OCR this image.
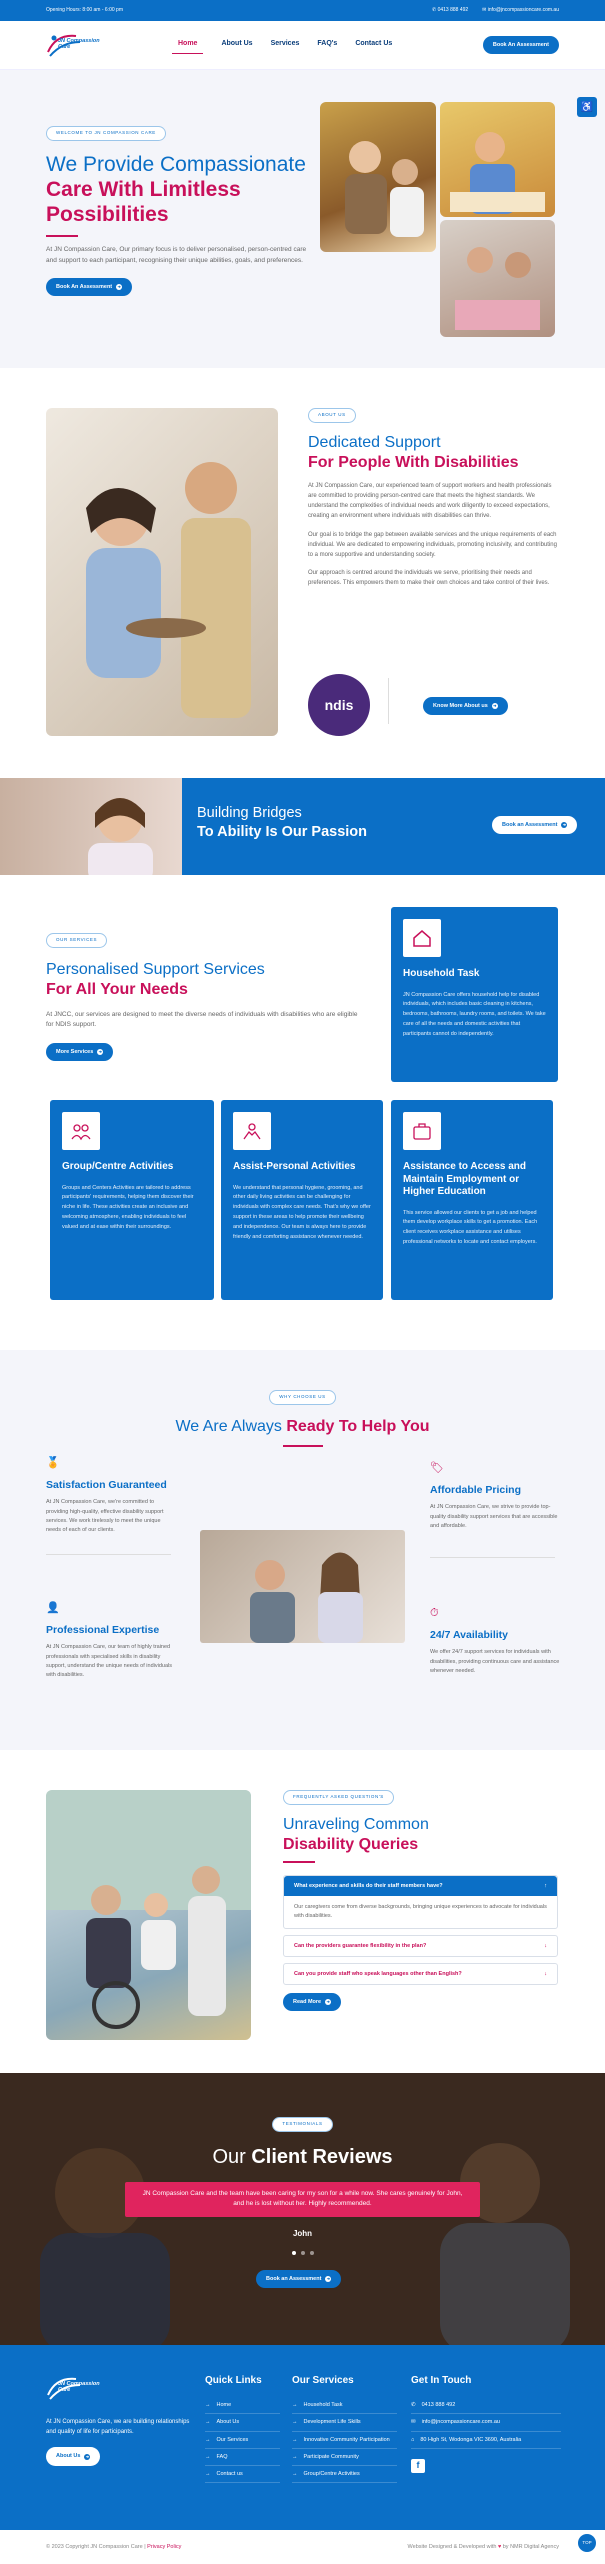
Opening Hours: 8:00 am - 6:00 pm	✆ 0413 888 492	✉ info@jncompassioncare.com.au
JN Compassion
Care	Home	About Us	Services	FAQ's	Contact Us	Book An Assessment
WELCOME TO JN COMPASSION CARE
We Provide Compassionate
Care With Limitless Possibilities

At JN Compassion Care, Our primary focus is to deliver personalised, person-centred care and support to each participant, recognising their unique abilities, goals, and preferences.

Book An Assessment	➜
ABOUT US
Dedicated Support
For People With Disabilities

At JN Compassion Care, our experienced team of support workers and health professionals are committed to providing person-centred care that meets the highest standards. We understand the complexities of individual needs and work diligently to exceed expectations, creating an environment where individuals with disabilities can thrive.

Our goal is to bridge the gap between available services and the unique requirements of each individual. We are dedicated to empowering individuals, promoting inclusivity, and contributing to a more supportive and understanding society.

Our approach is centred around the individuals we serve, prioritising their needs and preferences. This empowers them to make their own choices and take control of their lives.

ndis	Know More About us	➜
Building Bridges
To Ability Is Our Passion	Book an Assessment	➜
OUR SERVICES
Personalised Support Services
For All Your Needs

At JNCC, our services are designed to meet the diverse needs of individuals with disabilities who are eligible for NDIS support.

More Services	➜
Household Task

JN Compassion Care offers household help for disabled individuals, which includes basic cleaning in kitchens, bedrooms, bathrooms, laundry rooms, and toilets. We take care of all the needs and domestic activities that participants cannot do independently.

Group/Centre Activities

Groups and Centers Activities are tailored to address participants' requirements, helping them discover their niche in life. These activities create an inclusive and welcoming atmosphere, enabling individuals to feel valued and at ease within their surroundings.

Assist-Personal Activities

We understand that personal hygiene, grooming, and other daily living activities can be challenging for individuals with complex care needs. That's why we offer support in these areas to help promote their wellbeing and independence. Our team is always here to provide friendly and comforting assistance whenever needed.

Assistance to Access and Maintain Employment or Higher Education

This service allowed our clients to get a job and helped them develop workplace skills to get a promotion. Each client receives workplace assistance and utilises professional networks to locate and contact employers.

WHY CHOOSE US
We Are Always Ready To Help You
🏅
Satisfaction Guaranteed

At JN Compassion Care, we're committed to providing high-quality, effective disability support services. We work tirelessly to meet the unique needs of each of our clients.

👤
Professional Expertise

At JN Compassion Care, our team of highly trained professionals with specialised skills in disability support, understand the unique needs of individuals with disabilities.

🏷
Affordable Pricing

At JN Compassion Care, we strive to provide top-quality disability support services that are accessible and affordable.

⏱
24/7 Availability

We offer 24/7 support services for individuals with disabilities, providing continuous care and assistance whenever needed.

FREQUENTLY ASKED QUESTION'S
Unraveling Common
Disability Queries
What experience and skills do their staff members have?	↑
Our caregivers come from diverse backgrounds, bringing unique experiences to advocate for individuals with disabilities.
Can the providers guarantee flexibility in the plan?	↓
Can you provide staff who speak languages other than English?	↓
Read More	➜
TESTIMONIALS
Our Client Reviews
JN Compassion Care and the team have been caring for my son for a while now. She cares genuinely for John, and he is lost without her. Highly recommended.
John
Book an Assessment	➜
JN Compassion
Care

At JN Compassion Care, we are building relationships and quality of life for participants.

About Us	➜
Quick Links
→ Home
→ About Us
→ Our Services
→ FAQ
→ Contact us
Our Services
→ Household Task
→ Development Life Skills
→ Innovative Community Participation
→ Participate Community
→ Group/Centre Activities
Get In Touch
✆ 0413 888 492
✉ info@jncompassioncare.com.au
⌂ 80 High St, Wodonga VIC 3690, Australia
f
© 2023 Copyright JN Compassion Care | Privacy Policy	Website Designed & Developed with ♥ by NMR Digital Agency
♿
TOP
